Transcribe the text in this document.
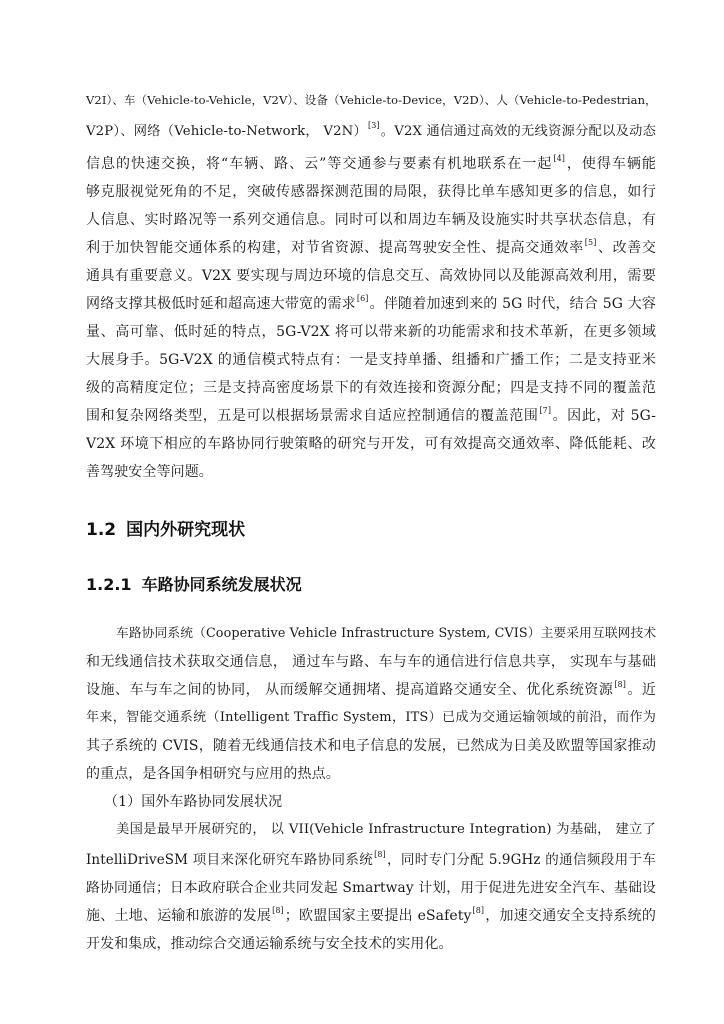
V2I）、车（Vehicle-to-Vehicle，V2V）、设备（Vehicle-to-Device，V2D）、人（Vehicle-to-Pedestrian，
V2P）、网络（Vehicle-to-Network， V2N）[3]。V2X 通信通过高效的无线资源分配以及动态
信息的快速交换，将“车辆、路、云”等交通参与要素有机地联系在一起[4]，使得车辆能
够克服视觉死角的不足，突破传感器探测范围的局限，获得比单车感知更多的信息，如行
人信息、实时路况等一系列交通信息。同时可以和周边车辆及设施实时共享状态信息，有
利于加快智能交通体系的构建，对节省资源、提高驾驶安全性、提高交通效率[5]、改善交
通具有重要意义。V2X 要实现与周边环境的信息交互、高效协同以及能源高效利用，需要
网络支撑其极低时延和超高速大带宽的需求[6]。伴随着加速到来的 5G 时代，结合 5G 大容
量、高可靠、低时延的特点，5G-V2X 将可以带来新的功能需求和技术革新，在更多领域
大展身手。5G-V2X 的通信模式特点有：一是支持单播、组播和广播工作；二是支持亚米
级的高精度定位；三是支持高密度场景下的有效连接和资源分配；四是支持不同的覆盖范
围和复杂网络类型，五是可以根据场景需求自适应控制通信的覆盖范围[7]。因此，对 5G-
V2X 环境下相应的车路协同行驶策略的研究与开发，可有效提高交通效率、降低能耗、改
善驾驶安全等问题。
1.2 国内外研究现状
1.2.1 车路协同系统发展状况
车路协同系统（Cooperative Vehicle Infrastructure System, CVIS）主要采用互联网技术
和无线通信技术获取交通信息， 通过车与路、车与车的通信进行信息共享， 实现车与基础
设施、车与车之间的协同， 从而缓解交通拥堵、提高道路交通安全、优化系统资源[8]。近
年来，智能交通系统（Intelligent Traffic System，ITS）已成为交通运输领域的前沿，而作为
其子系统的 CVIS，随着无线通信技术和电子信息的发展，已然成为日美及欧盟等国家推动
的重点，是各国争相研究与应用的热点。
（1）国外车路协同发展状况
美国是最早开展研究的， 以 VII(Vehicle Infrastructure Integration) 为基础， 建立了
IntelliDriveSM 项目来深化研究车路协同系统[8]，同时专门分配 5.9GHz 的通信频段用于车
路协同通信；日本政府联合企业共同发起 Smartway 计划，用于促进先进安全汽车、基础设
施、土地、运输和旅游的发展[8]；欧盟国家主要提出 eSafety[8]，加速交通安全支持系统的
开发和集成，推动综合交通运输系统与安全技术的实用化。
